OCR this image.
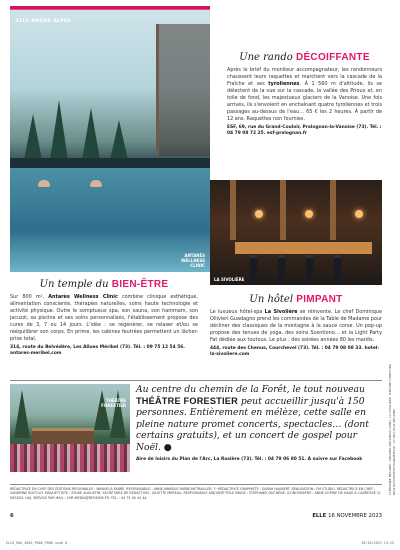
ELLE RHÔNE-ALPES
ANTARÈS
WELLNESS
CLINIC
Une rando DÉCOIFFANTE
Après le brief du moniteur accompagnateur, les randonneurs chaussent leurs raquettes et marchent vers la cascade de la Fraîche et ses tyroliennes. À 1 560 m d'altitude, ils se délectent de la vue sur la cascade, la vallée des Prioux et, en toile de fond, les majestueux glaciers de la Vanoise. Une fois arrivés, ils s'envolent en enchaînant quatre tyroliennes et trois passages au-dessus de l'eau… 65 € les 2 heures. À partir de 12 ans. Raquettes non fournies.
ESF, 69, rue du Grand-Couloir, Pralognan-la-Vanoise (73). Tél. : 04 79 08 72 25. esf-pralognan.fr
LA SIVOLIÈRE
Un temple du BIEN-ÊTRE
Sur 800 m², Antarès Wellness Clinic combine clinique esthétique, alimentation consciente, thérapies naturelles, soins haute technologie et activité physique. Outre le somptueux spa, son sauna, son hammam, son jacuzzi, sa piscine et ses soins personnalisés, l'établissement propose des cures de 3, 7 ou 14 jours. L'idée : se régénérer, se relaxer et/ou se rééquilibrer son corps. En prime, les cabines feutrées permettent un lâcher-prise total.
314, route du Belvédère, Les Allues Méribel (73). Tél. : 09 75 12 54 56. antares-meribel.com
Un hôtel PIMPANT
Le luxueux hôtel-spa La Sivolière se réinvente. Le chef Dominique Ollivieri Guadagno prend les commandes de la Table de Madame pour décliner des classiques de la montagne à la sauce corse. Un pop-up propose des tenues de yoga, des soins Scentiono… et la Light Party Fat dédiée aux toutous. Le plus : des soirées années 80 les mardis.
444, route des Chenus, Courchevel (73). Tél. : 04 79 08 08 33. hotel-la-sivoliere.com
THÉÂTRE
FORESTIER
Au centre du chemin de la Forêt, le tout nouveau THÉÂTRE FORESTIER peut accueillir jusqu'à 150 personnes. Entièrement en mélèze, cette salle en pleine nature promet concerts, spectacles… (dont certains gratuits), et un concert de gospel pour Noël. ●
Aire de loisirs du Plan de l'Arc, La Rosière (73). Tél. : 04 79 06 80 51. À suivre sur Facebook
RÉDACTRICE EN CHEF DES ÉDITIONS RÉGIONALES : MANUELA FABRE. RESPONSABLE : ANNE-MAREILE FABRE-METRAILLER. 7ᵉ RÉDACTRICE GRAPHISTE : SARAH HAUBERT. RÉALISATION : FM STUDIO. RÉDACTRICE EN CHEF : SANDRINE BOITOUT. MAQUETTISTE : SYLVIE AUGUSTIN. SECRÉTAIRE DE RÉDACTION : JULIETTE MEREAU. RESPONSABLE ADJOINTE PÔLE IMAGE : STÉPHANIE DUCHÊNE. ICONOGRAPHE : ANNE-SOPHIE DE HAAS À L'ADRESSE CI-DESSUS. HAI, SERVICE PAR MAIL : CHR.MEDIA@REGIONS.FR. TÉL. : 04 75 40 44 44.
STÉPHANIE BEAUBET, ANTARÈS WELLNESS CLINIC, LA SIVOLIÈRE, THÉÂTRE FORESTIER. RÉALISATION PHOTOGRAPHIQUE : STUDIO ELLE RÉGIONS
6	ELLE 16 NOVEMBRE 2023
ELLR_RAG_4065_P006_P006.indd 6	30/10/2023 15:15
